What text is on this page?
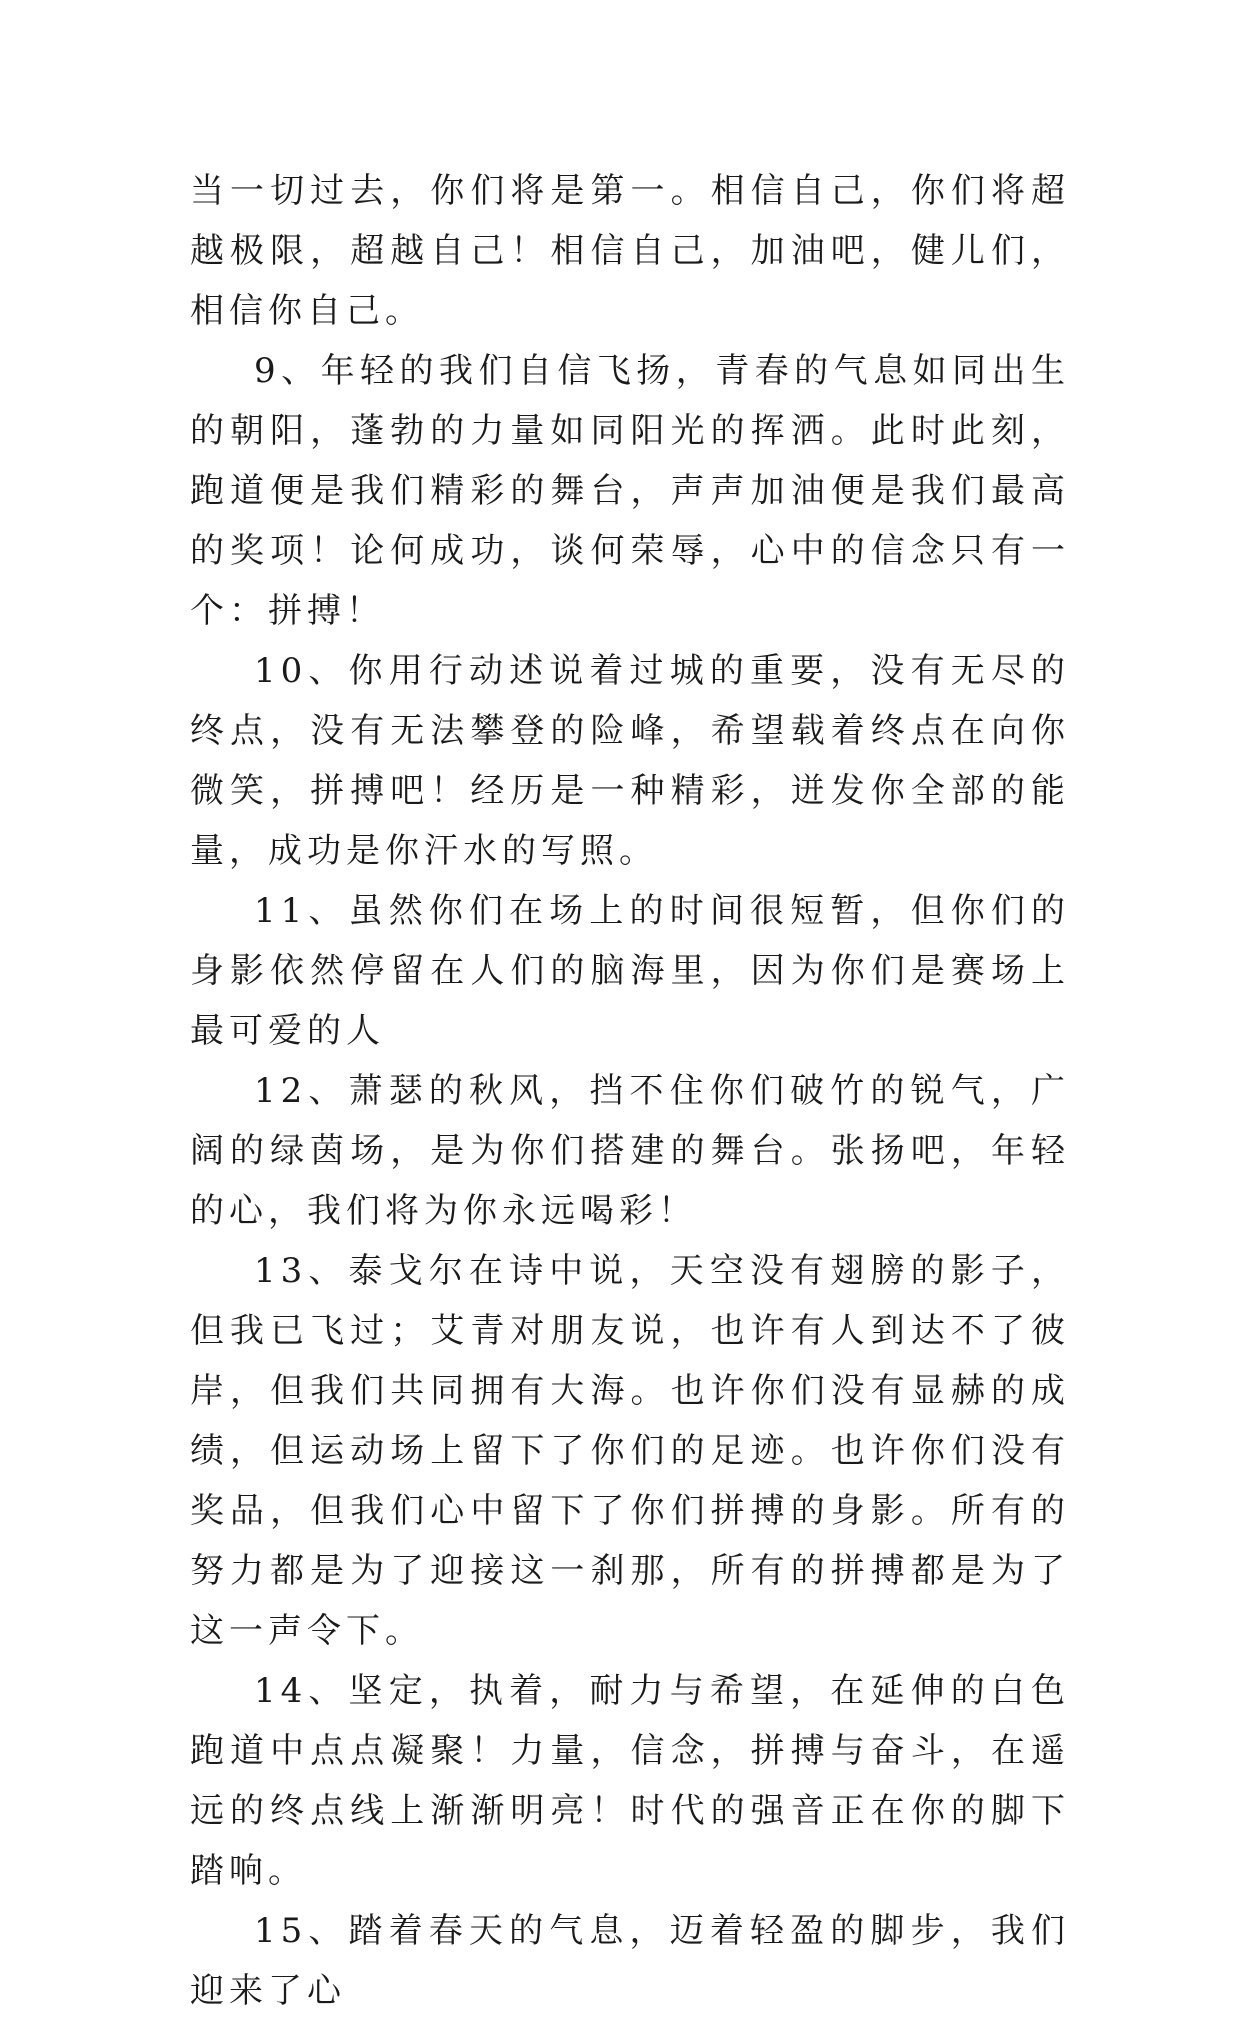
当一切过去，你们将是第一。相信自己，你们将超越极限，超越自己！相信自己，加油吧，健儿们，相信你自己。

9、年轻的我们自信飞扬，青春的气息如同出生的朝阳，蓬勃的力量如同阳光的挥洒。此时此刻，跑道便是我们精彩的舞台，声声加油便是我们最高的奖项！论何成功，谈何荣辱，心中的信念只有一个：拼搏！

10、你用行动述说着过城的重要，没有无尽的终点，没有无法攀登的险峰，希望载着终点在向你微笑，拼搏吧！经历是一种精彩，迸发你全部的能量，成功是你汗水的写照。

11、虽然你们在场上的时间很短暂，但你们的身影依然停留在人们的脑海里，因为你们是赛场上最可爱的人

12、萧瑟的秋风，挡不住你们破竹的锐气，广阔的绿茵场，是为你们搭建的舞台。张扬吧，年轻的心，我们将为你永远喝彩！

13、泰戈尔在诗中说，天空没有翅膀的影子，但我已飞过；艾青对朋友说，也许有人到达不了彼岸，但我们共同拥有大海。也许你们没有显赫的成绩，但运动场上留下了你们的足迹。也许你们没有奖品，但我们心中留下了你们拼搏的身影。所有的努力都是为了迎接这一刹那，所有的拼搏都是为了这一声令下。

14、坚定，执着，耐力与希望，在延伸的白色跑道中点点凝聚！力量，信念，拼搏与奋斗，在遥远的终点线上渐渐明亮！时代的强音正在你的脚下踏响。

15、踏着春天的气息，迈着轻盈的脚步，我们迎来了心
